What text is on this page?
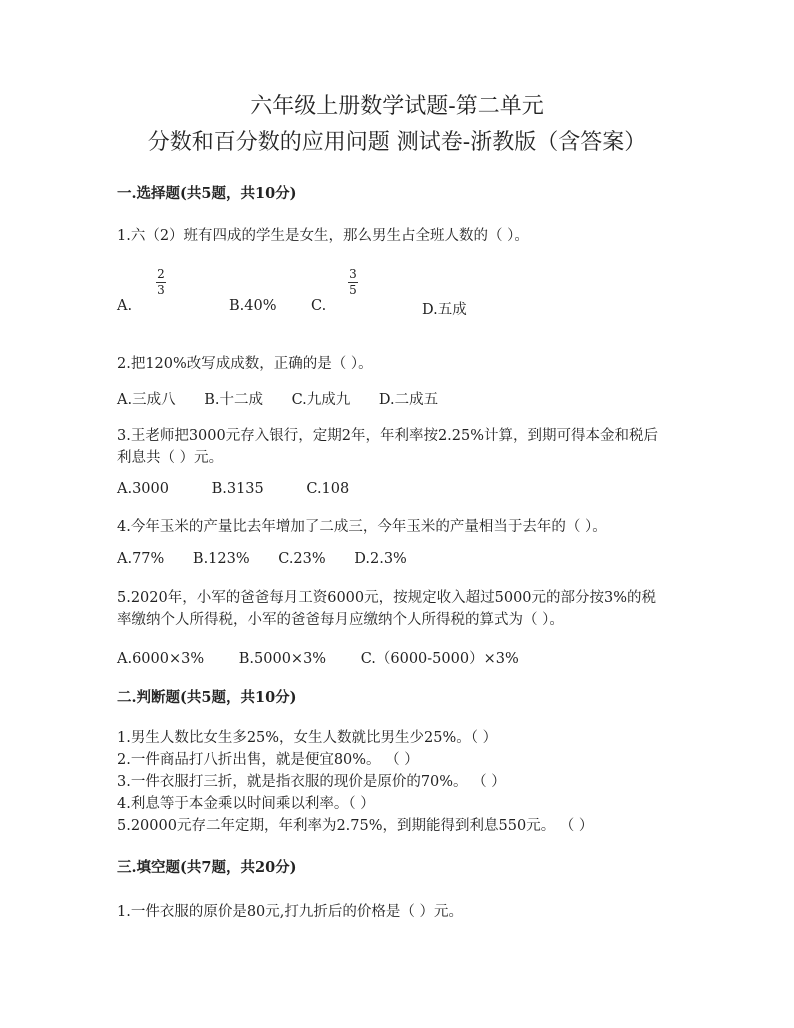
六年级上册数学试题-第二单元
分数和百分数的应用问题 测试卷-浙教版（含答案）
一.选择题(共5题，共10分)
1.六（2）班有四成的学生是女生，那么男生占全班人数的（ ）。
A.
2
3
B.40% C.
3
5
D.五成
2.把120%改写成成数，正确的是（ ）。
A.三成八 B.十二成 C.九成九 D.二成五
3.王老师把3000元存入银行，定期2年，年利率按2.25%计算，到期可得本金和税后
利息共（ ）元。
A.3000	B.3135	C.108
4.今年玉米的产量比去年增加了二成三，今年玉米的产量相当于去年的（ ）。
A.77% B.123% C.23% D.2.3%
5.2020年，小军的爸爸每月工资6000元，按规定收入超过5000元的部分按3%的税
率缴纳个人所得税，小军的爸爸每月应缴纳个人所得税的算式为（ ）。
A.6000×3% B.5000×3% C.（6000-5000）×3%
二.判断题(共5题，共10分)
1.男生人数比女生多25%，女生人数就比男生少25%。（ ）
2.一件商品打八折出售，就是便宜80%。 （ ）
3.一件衣服打三折，就是指衣服的现价是原价的70%。 （ ）
4.利息等于本金乘以时间乘以利率。（ ）
5.20000元存二年定期，年利率为2.75%，到期能得到利息550元。 （ ）
三.填空题(共7题，共20分)
1.一件衣服的原价是80元,打九折后的价格是（ ）元。
